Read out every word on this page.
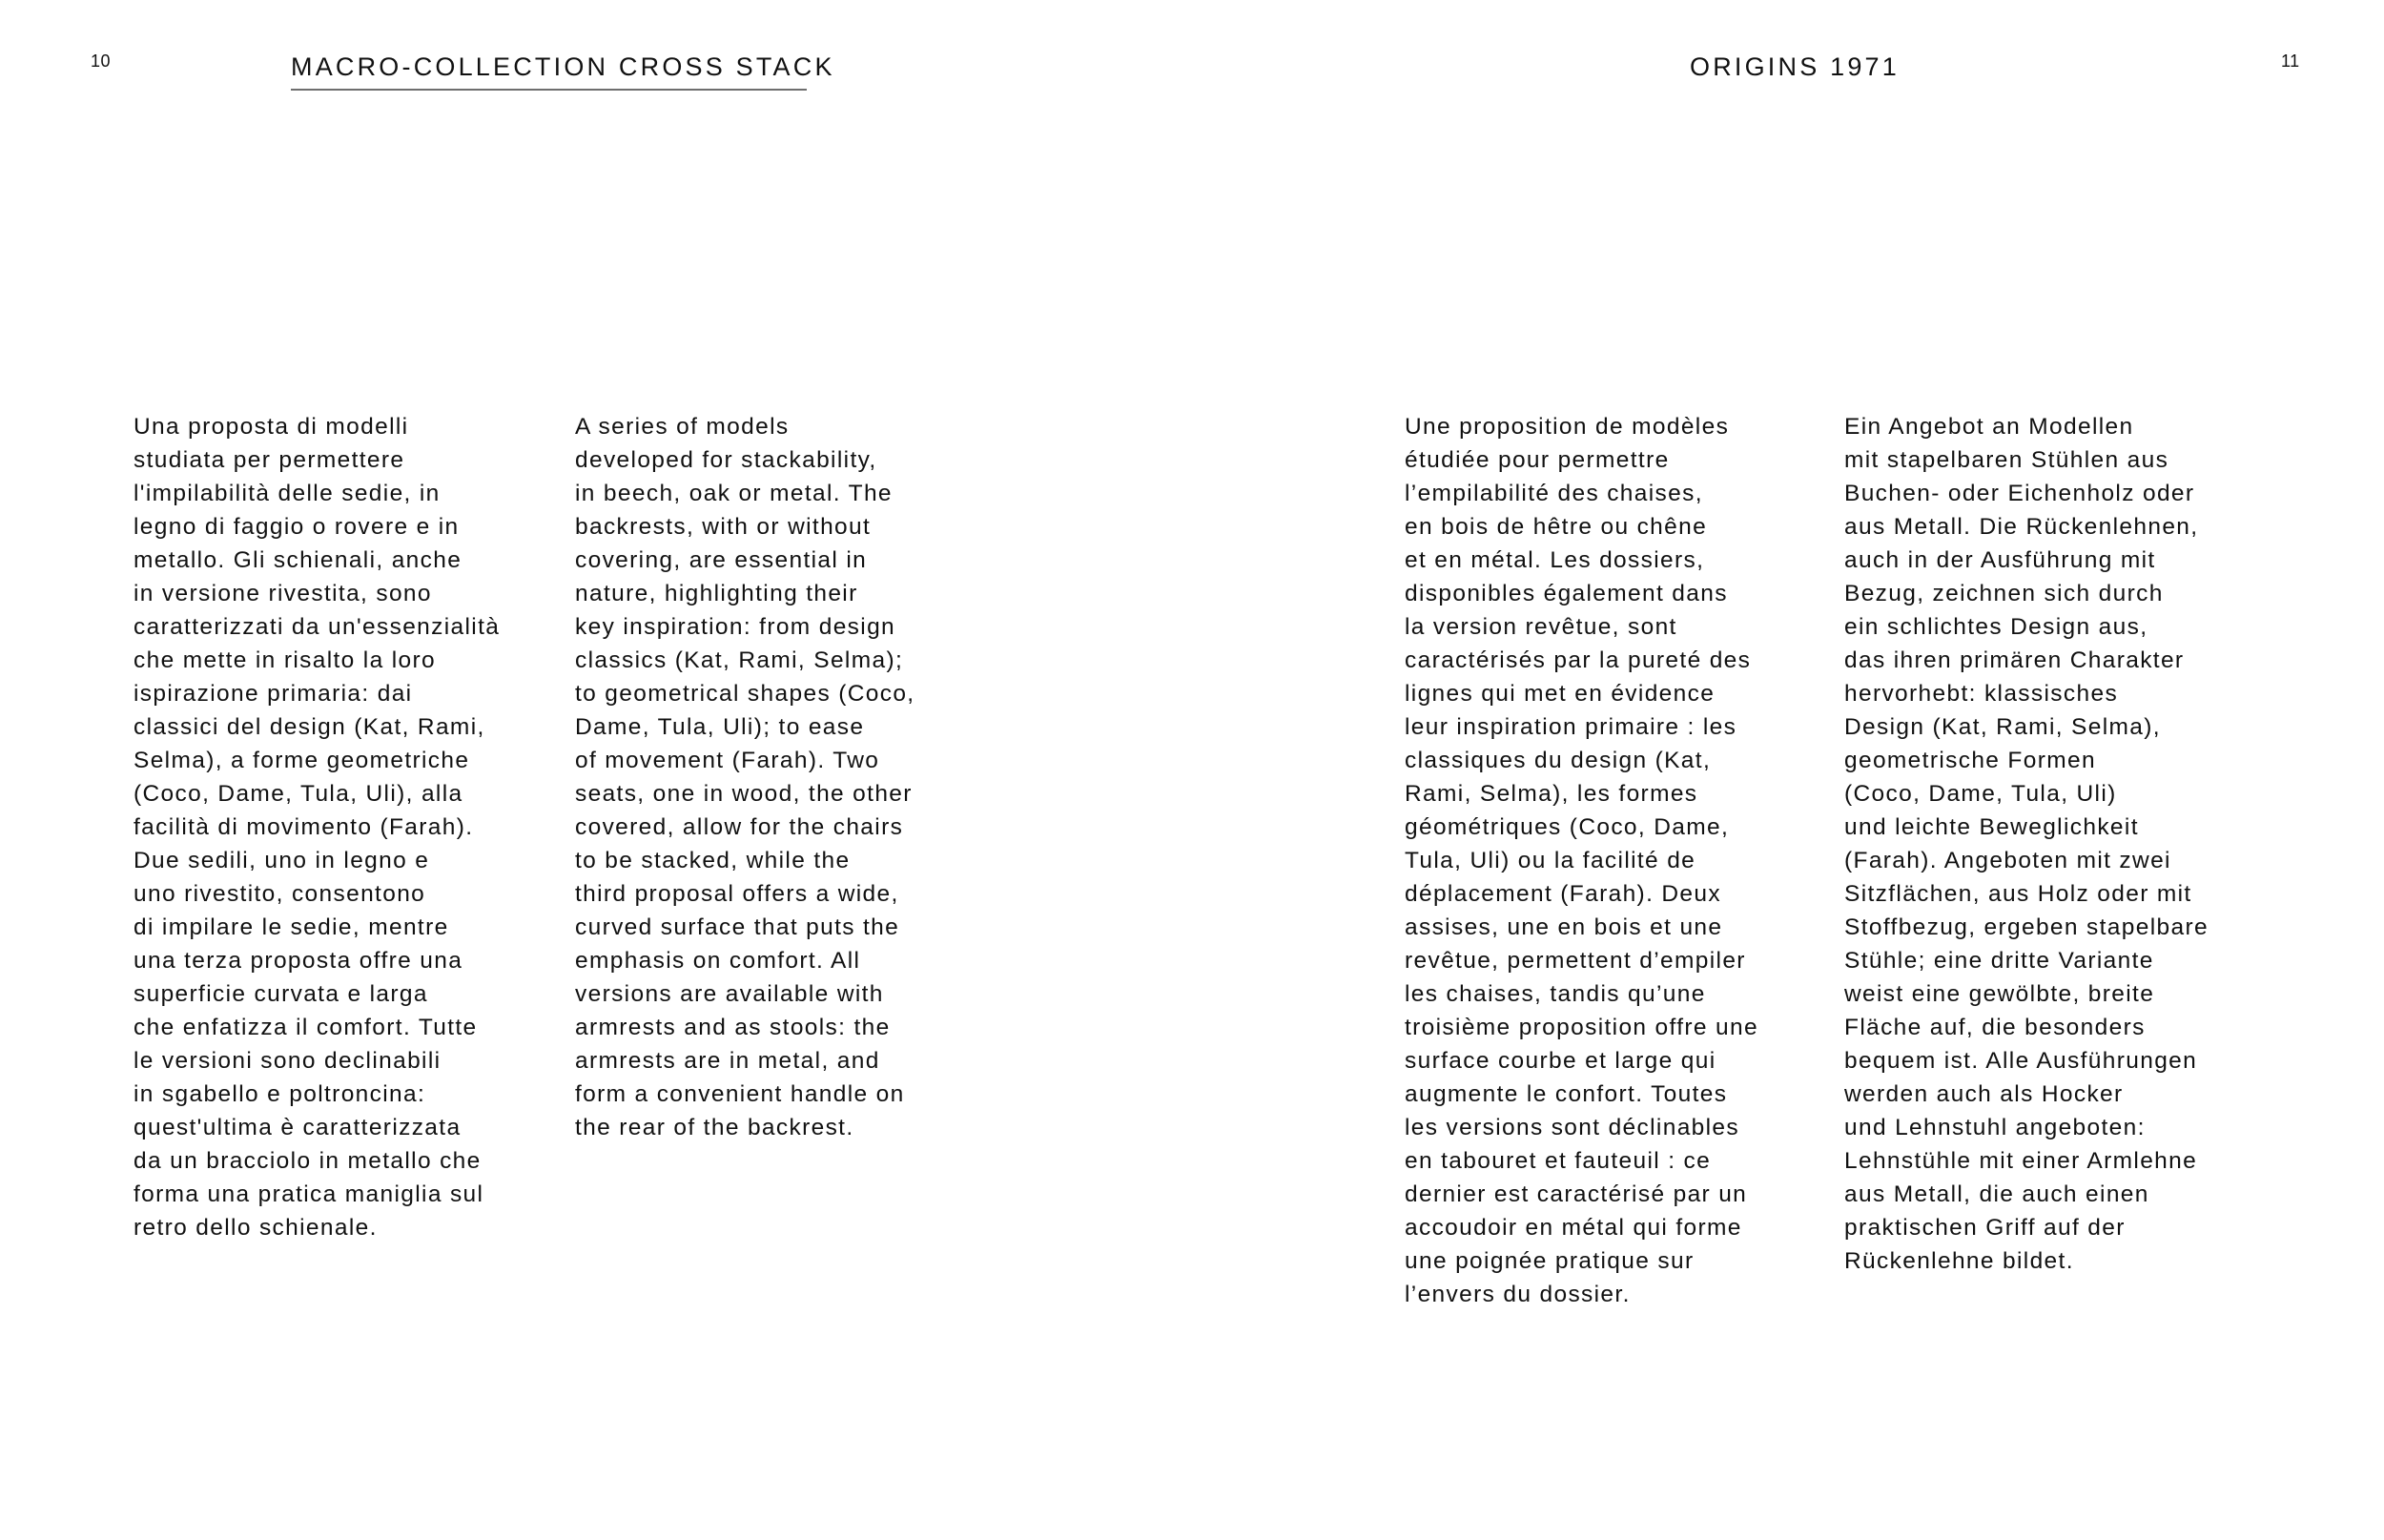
10	MACRO-COLLECTION CROSS STACK
Una proposta di modelli
studiata per permettere
l'impilabilità delle sedie, in
legno di faggio o rovere e in
metallo. Gli schienali, anche
in versione rivestita, sono
caratterizzati da un'essenzialità
che mette in risalto la loro
ispirazione primaria: dai
classici del design (Kat, Rami,
Selma), a forme geometriche
(Coco, Dame, Tula, Uli), alla
facilità di movimento (Farah).
Due sedili, uno in legno e
uno rivestito, consentono
di impilare le sedie, mentre
una terza proposta offre una
superficie curvata e larga
che enfatizza il comfort. Tutte
le versioni sono declinabili
in sgabello e poltroncina:
quest'ultima è caratterizzata
da un bracciolo in metallo che
forma una pratica maniglia sul
retro dello schienale.
A series of models
developed for stackability,
in beech, oak or metal. The
backrests, with or without
covering, are essential in
nature, highlighting their
key inspiration: from design
classics (Kat, Rami, Selma);
to geometrical shapes (Coco,
Dame, Tula, Uli); to ease
of movement (Farah). Two
seats, one in wood, the other
covered, allow for the chairs
to be stacked, while the
third proposal offers a wide,
curved surface that puts the
emphasis on comfort. All
versions are available with
armrests and as stools: the
armrests are in metal, and
form a convenient handle on
the rear of the backrest.
ORIGINS 1971	11
Une proposition de modèles
étudiée pour permettre
l’empilabilité des chaises,
en bois de hêtre ou chêne
et en métal. Les dossiers,
disponibles également dans
la version revêtue, sont
caractérisés par la pureté des
lignes qui met en évidence
leur inspiration primaire : les
classiques du design (Kat,
Rami, Selma), les formes
géométriques (Coco, Dame,
Tula, Uli) ou la facilité de
déplacement (Farah). Deux
assises, une en bois et une
revêtue, permettent d’empiler
les chaises, tandis qu’une
troisième proposition offre une
surface courbe et large qui
augmente le confort. Toutes
les versions sont déclinables
en tabouret et fauteuil : ce
dernier est caractérisé par un
accoudoir en métal qui forme
une poignée pratique sur
l’envers du dossier.
Ein Angebot an Modellen
mit stapelbaren Stühlen aus
Buchen- oder Eichenholz oder
aus Metall. Die Rückenlehnen,
auch in der Ausführung mit
Bezug, zeichnen sich durch
ein schlichtes Design aus,
das ihren primären Charakter
hervorhebt: klassisches
Design (Kat, Rami, Selma),
geometrische Formen
(Coco, Dame, Tula, Uli)
und leichte Beweglichkeit
(Farah). Angeboten mit zwei
Sitzflächen, aus Holz oder mit
Stoffbezug, ergeben stapelbare
Stühle; eine dritte Variante
weist eine gewölbte, breite
Fläche auf, die besonders
bequem ist. Alle Ausführungen
werden auch als Hocker
und Lehnstuhl angeboten:
Lehnstühle mit einer Armlehne
aus Metall, die auch einen
praktischen Griff auf der
Rückenlehne bildet.
